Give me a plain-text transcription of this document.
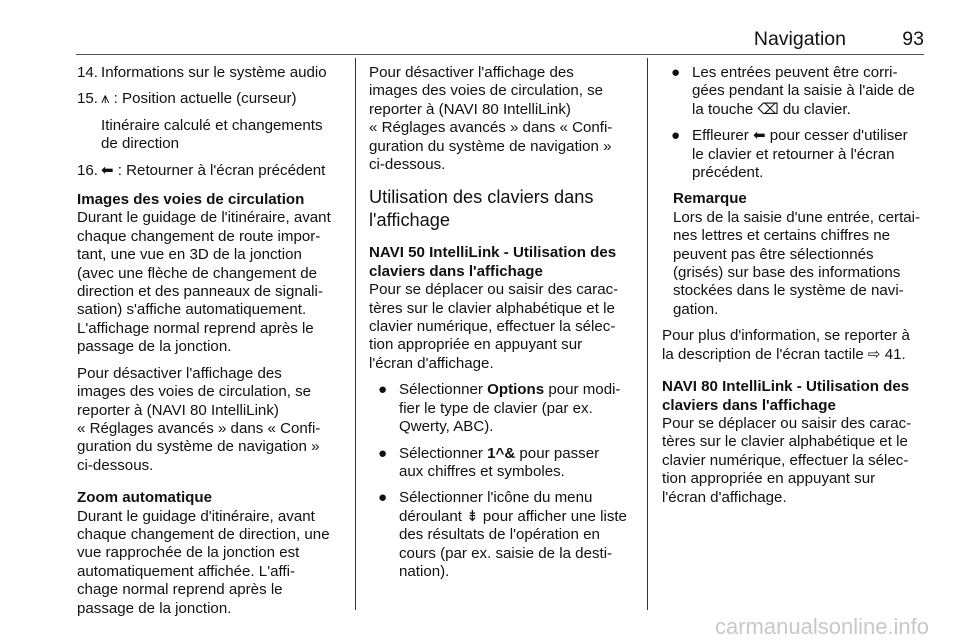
Navigation	93

14. Informations sur le système audio

15. ⩚ : Position actuelle (curseur)

Itinéraire calculé et changements

de direction

16. ⬅ : Retourner à l'écran précédent

Images des voies de circulation

Durant le guidage de l'itinéraire, avant

chaque changement de route impor-

tant, une vue en 3D de la jonction

(avec une flèche de changement de

direction et des panneaux de signali-

sation) s'affiche automatiquement.

L'affichage normal reprend après le

passage de la jonction.

Pour désactiver l'affichage des

images des voies de circulation, se

reporter à (NAVI 80 IntelliLink)

« Réglages avancés » dans « Confi-

guration du système de navigation »

ci-dessous.

Zoom automatique

Durant le guidage d'itinéraire, avant

chaque changement de direction, une

vue rapprochée de la jonction est

automatiquement affichée. L'affi-

chage normal reprend après le

passage de la jonction.

Pour désactiver l'affichage des

images des voies de circulation, se

reporter à (NAVI 80 IntelliLink)

« Réglages avancés » dans « Confi-

guration du système de navigation »

ci-dessous.

Utilisation des claviers dans

l'affichage

NAVI 50 IntelliLink - Utilisation des

claviers dans l'affichage

Pour se déplacer ou saisir des carac-

tères sur le clavier alphabétique et le

clavier numérique, effectuer la sélec-

tion appropriée en appuyant sur

l'écran d'affichage.

● Sélectionner Options pour modi-

fier le type de clavier (par ex.

Qwerty, ABC).

● Sélectionner 1^& pour passer

aux chiffres et symboles.

● Sélectionner l'icône du menu

déroulant ⇟ pour afficher une liste

des résultats de l'opération en

cours (par ex. saisie de la desti-

nation).

● Les entrées peuvent être corri-

gées pendant la saisie à l'aide de

la touche ⌫ du clavier.

● Effleurer ⬅ pour cesser d'utiliser

le clavier et retourner à l'écran

précédent.

Remarque

Lors de la saisie d'une entrée, certai-

nes lettres et certains chiffres ne

peuvent pas être sélectionnés

(grisés) sur base des informations

stockées dans le système de navi-

gation.

Pour plus d'information, se reporter à

la description de l'écran tactile ⇨ 41.

NAVI 80 IntelliLink - Utilisation des

claviers dans l'affichage

Pour se déplacer ou saisir des carac-

tères sur le clavier alphabétique et le

clavier numérique, effectuer la sélec-

tion appropriée en appuyant sur

l'écran d'affichage.

carmanualsonline.info
